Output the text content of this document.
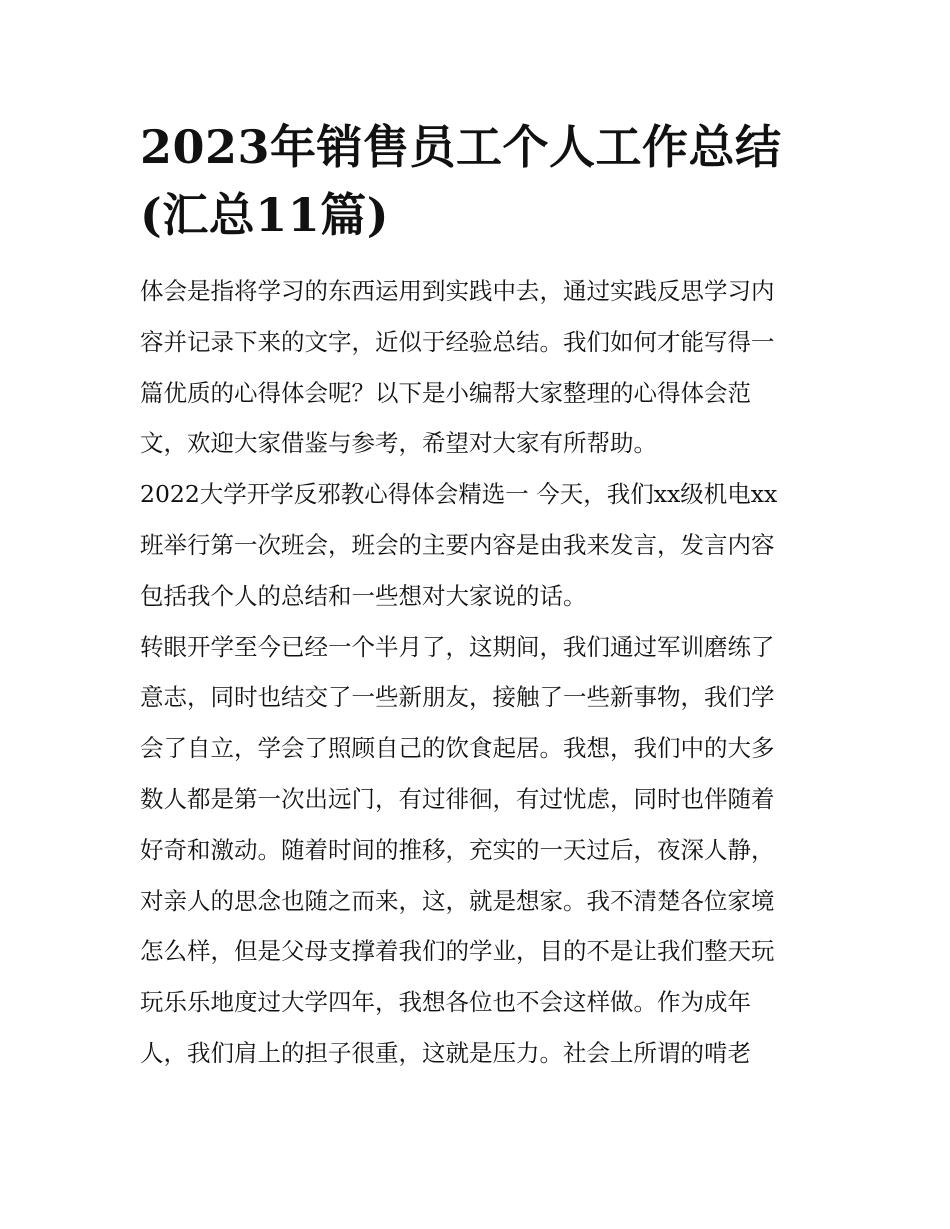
2023年销售员工个人工作总结
(汇总11篇)

体会是指将学习的东西运用到实践中去，通过实践反思学习内
容并记录下来的文字，近似于经验总结。我们如何才能写得一
篇优质的心得体会呢？以下是小编帮大家整理的心得体会范
文，欢迎大家借鉴与参考，希望对大家有所帮助。

2022大学开学反邪教心得体会精选一 今天，我们xx级机电xx
班举行第一次班会，班会的主要内容是由我来发言，发言内容
包括我个人的总结和一些想对大家说的话。

转眼开学至今已经一个半月了，这期间，我们通过军训磨练了
意志，同时也结交了一些新朋友，接触了一些新事物，我们学
会了自立，学会了照顾自己的饮食起居。我想，我们中的大多
数人都是第一次出远门，有过徘徊，有过忧虑，同时也伴随着
好奇和激动。随着时间的推移，充实的一天过后，夜深人静，
对亲人的思念也随之而来，这，就是想家。我不清楚各位家境
怎么样，但是父母支撑着我们的学业，目的不是让我们整天玩
玩乐乐地度过大学四年，我想各位也不会这样做。作为成年
人，我们肩上的担子很重，这就是压力。社会上所谓的啃老
